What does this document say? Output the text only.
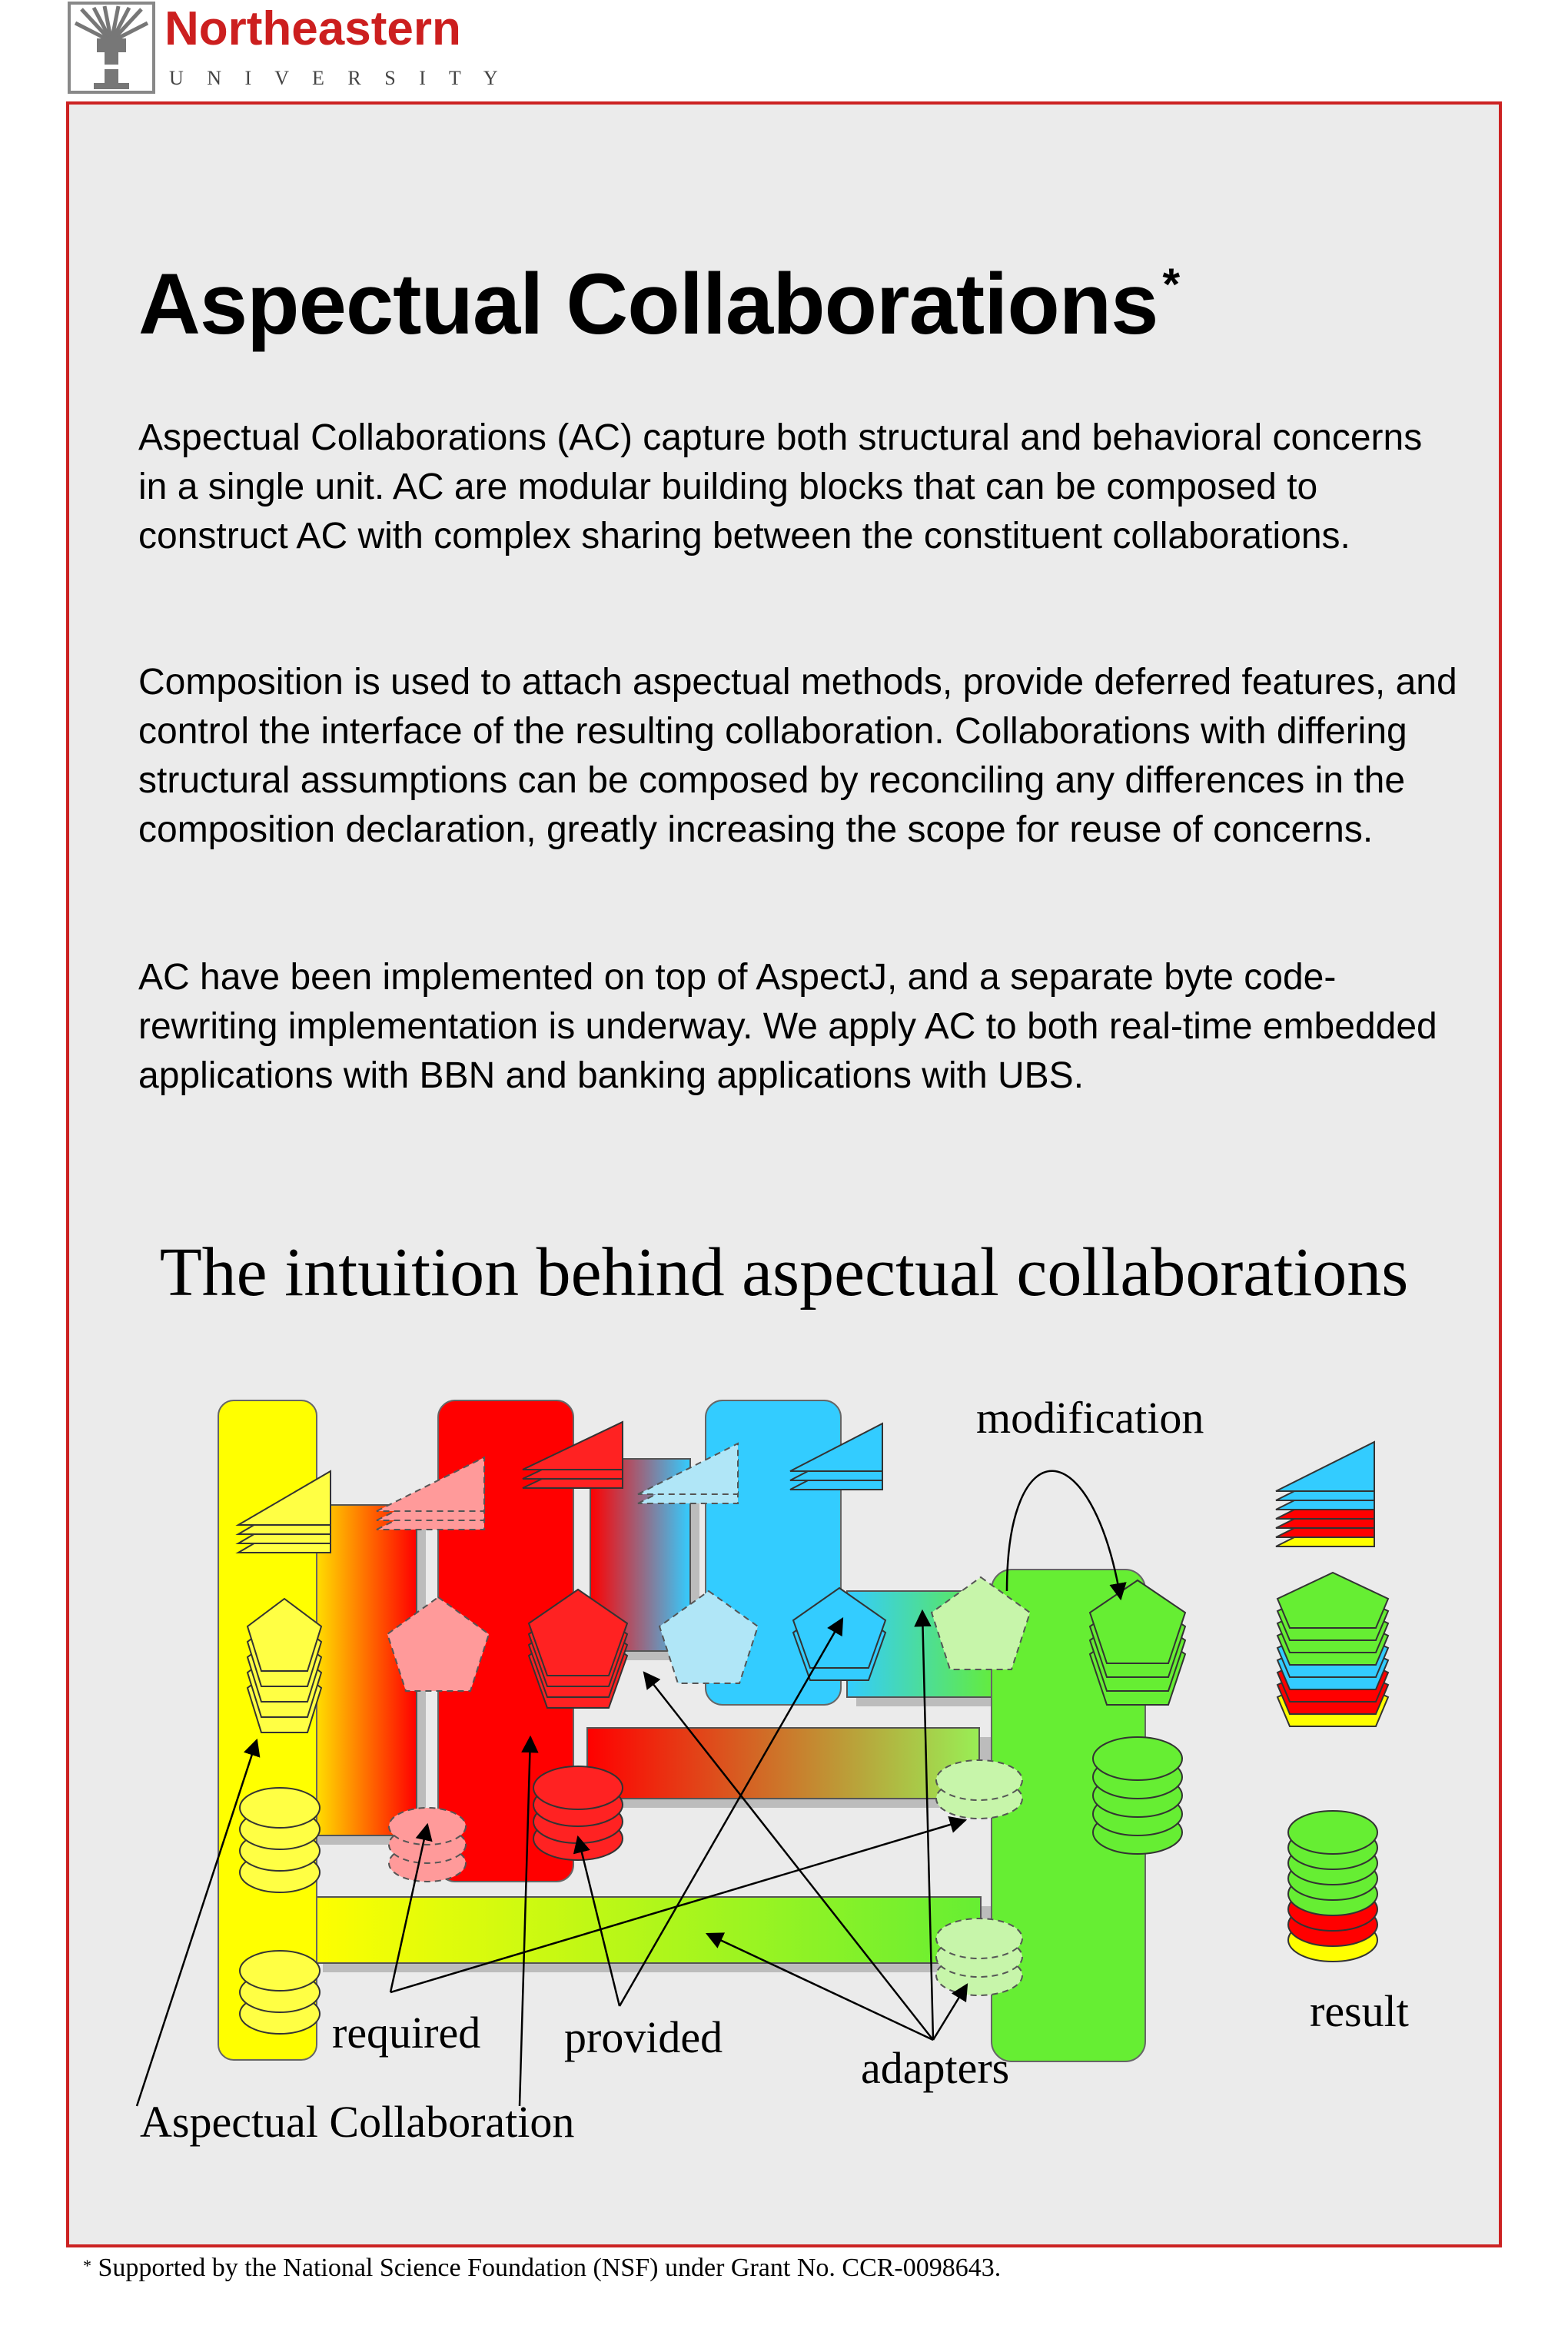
Northeastern
U N I V E R S I T Y
Aspectual Collaborations *

Aspectual Collaborations (AC) capture both structural and behavioral concerns in a single unit. AC are modular building blocks that can be composed to construct AC with complex sharing between the constituent collaborations.

Composition is used to attach aspectual methods, provide deferred features, and control the interface of the resulting collaboration. Collaborations with differing structural assumptions can be composed by reconciling any differences in the composition declaration, greatly increasing the scope for reuse of concerns.

AC have been implemented on top of AspectJ, and a separate byte code-rewriting implementation is underway. We apply AC to both real-time embedded applications with BBN and banking applications with UBS.

The intuition behind aspectual collaborations
modification
required provided
adapters
result
Aspectual Collaboration

* Supported by the National Science Foundation (NSF) under Grant No. CCR-0098643.
